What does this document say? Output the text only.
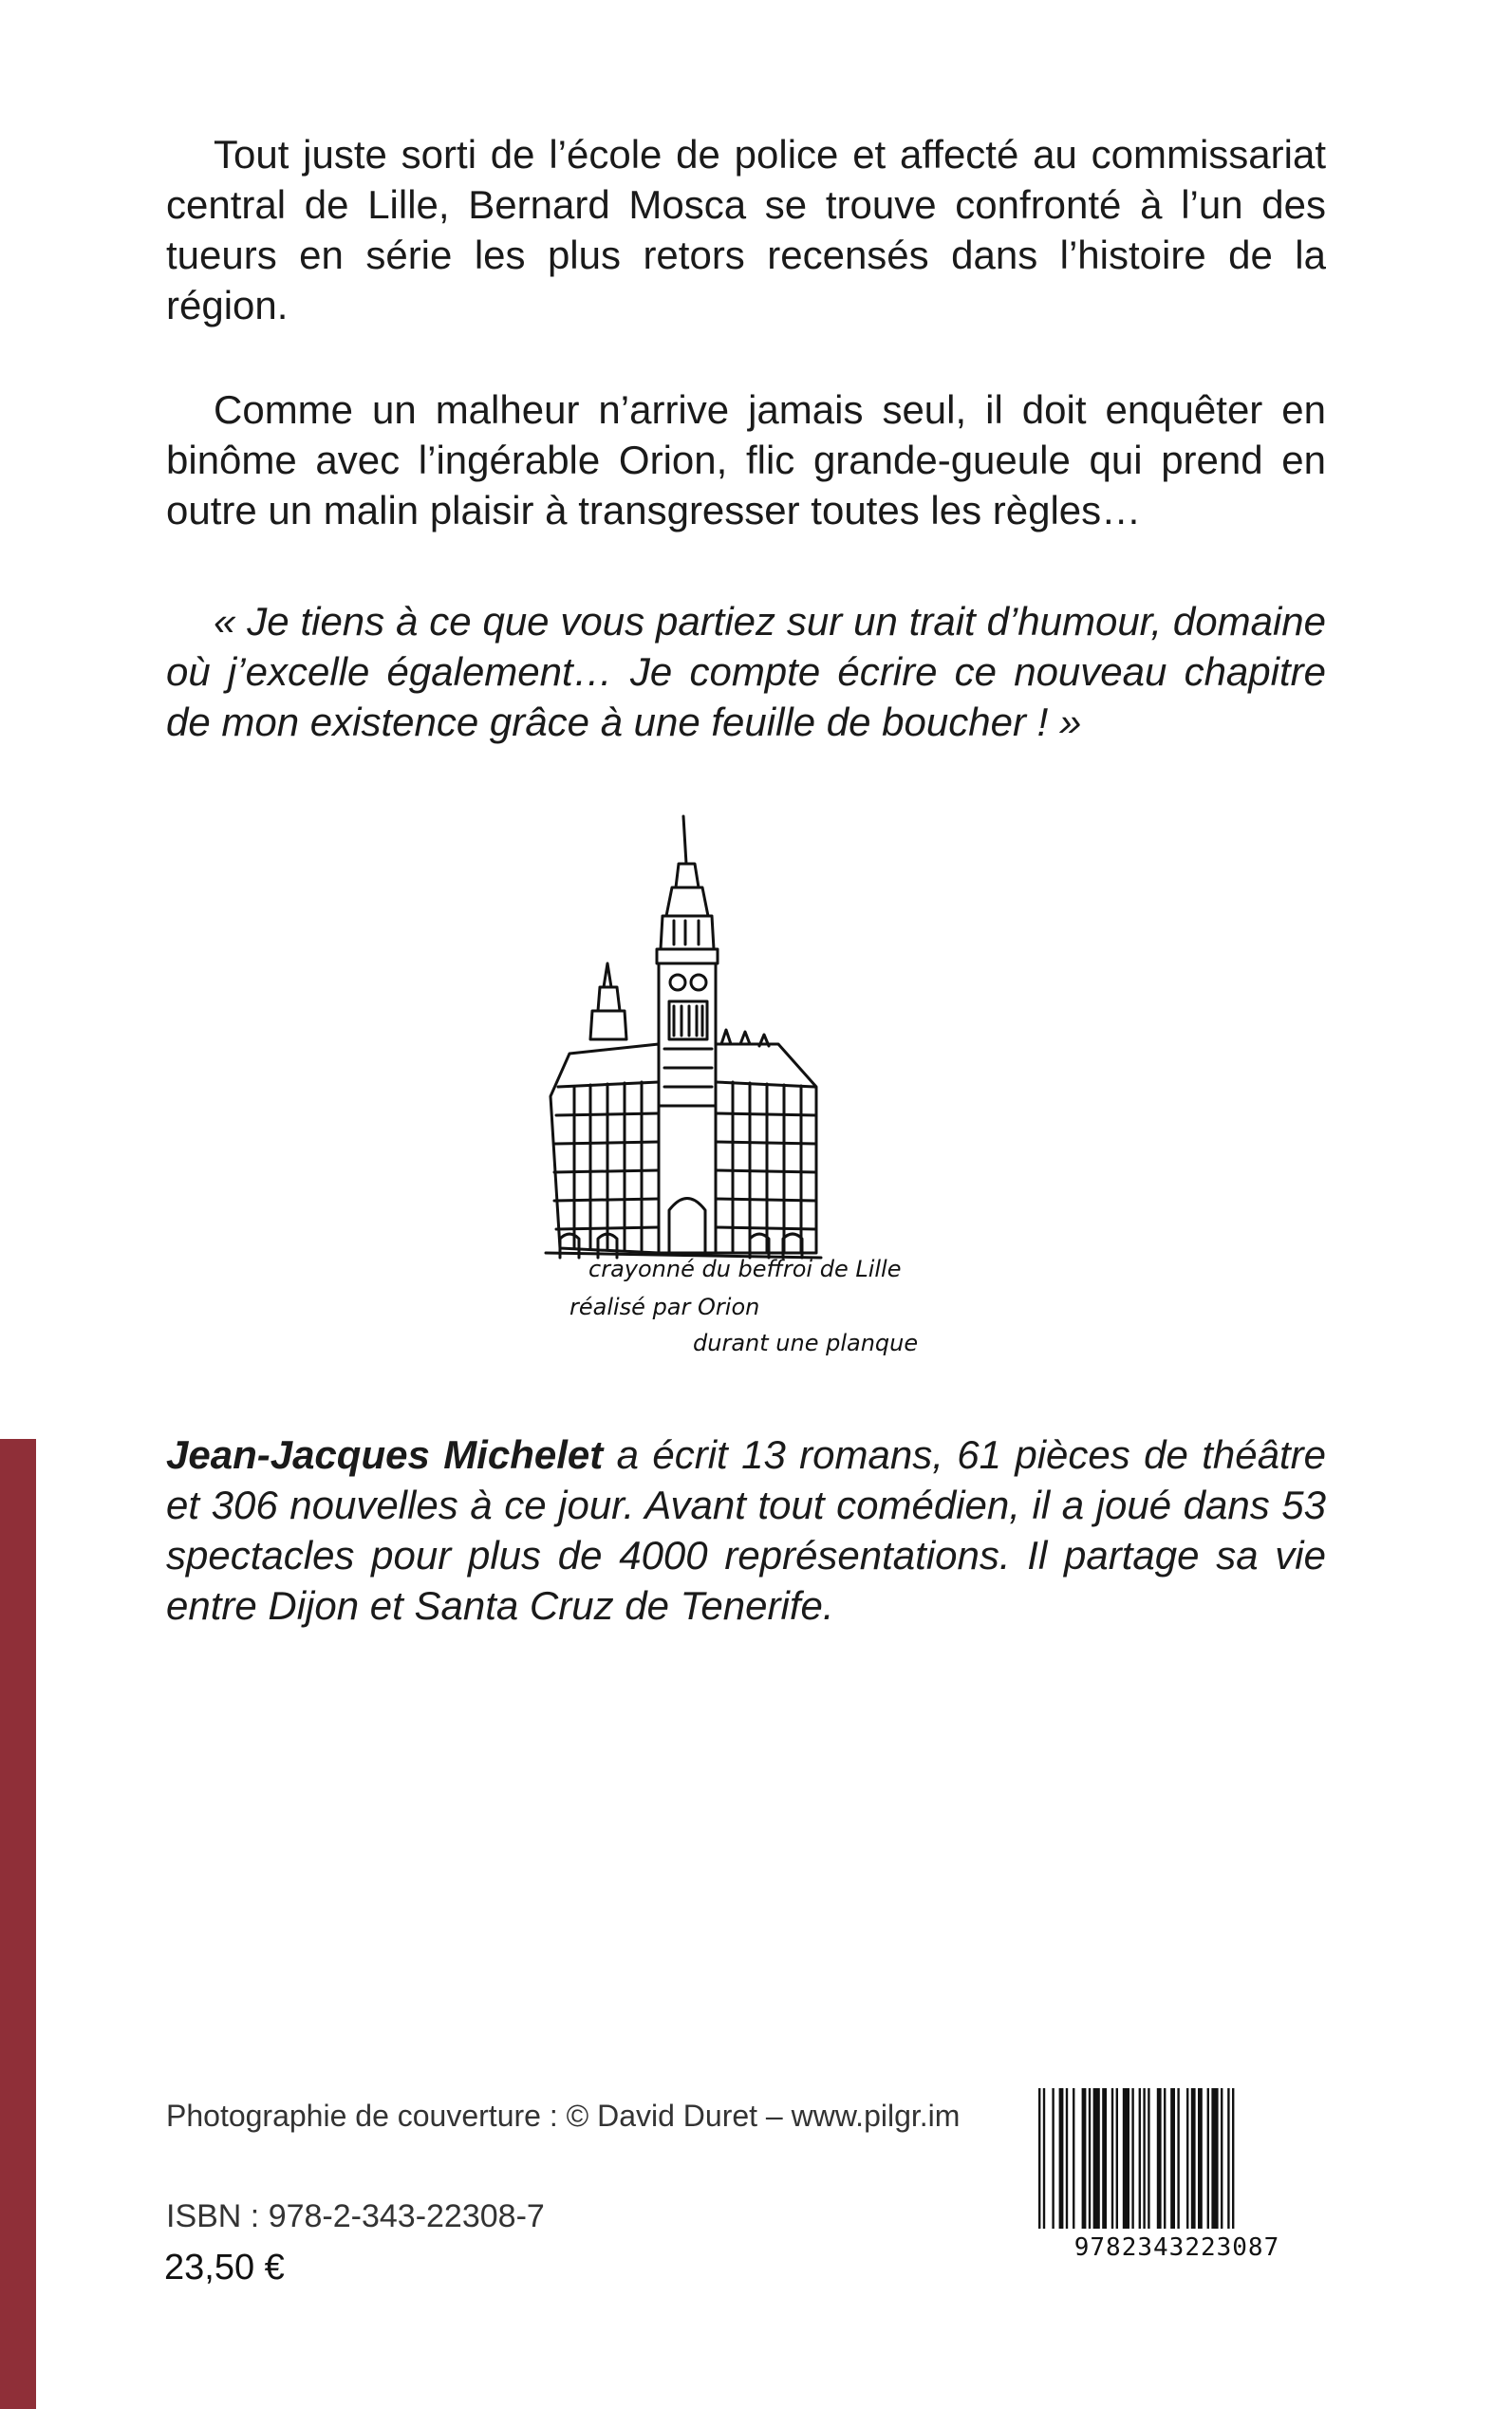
Tout juste sorti de l’école de police et affecté au commissariat central de Lille, Bernard Mosca se trouve confronté à l’un des tueurs en série les plus retors recensés dans l’histoire de la région.

Comme un malheur n’arrive jamais seul, il doit enquêter en binôme avec l’ingérable Orion, flic grande-gueule qui prend en outre un malin plaisir à transgresser toutes les règles…

« Je tiens à ce que vous partiez sur un trait d’humour, domaine où j’excelle également… Je compte écrire ce nouveau chapitre de mon existence grâce à une feuille de boucher ! »

crayonné du beffroi de Lille
réalisé par Orion
durant une planque

Jean-Jacques Michelet a écrit 13 romans, 61 pièces de théâtre et 306 nouvelles à ce jour. Avant tout comédien, il a joué dans 53 spectacles pour plus de 4000 représentations. Il partage sa vie entre Dijon et Santa Cruz de Tenerife.

Photographie de couverture : © David Duret – www.pilgr.im
ISBN : 978-2-343-22308-7
23,50 €	9782343223087
